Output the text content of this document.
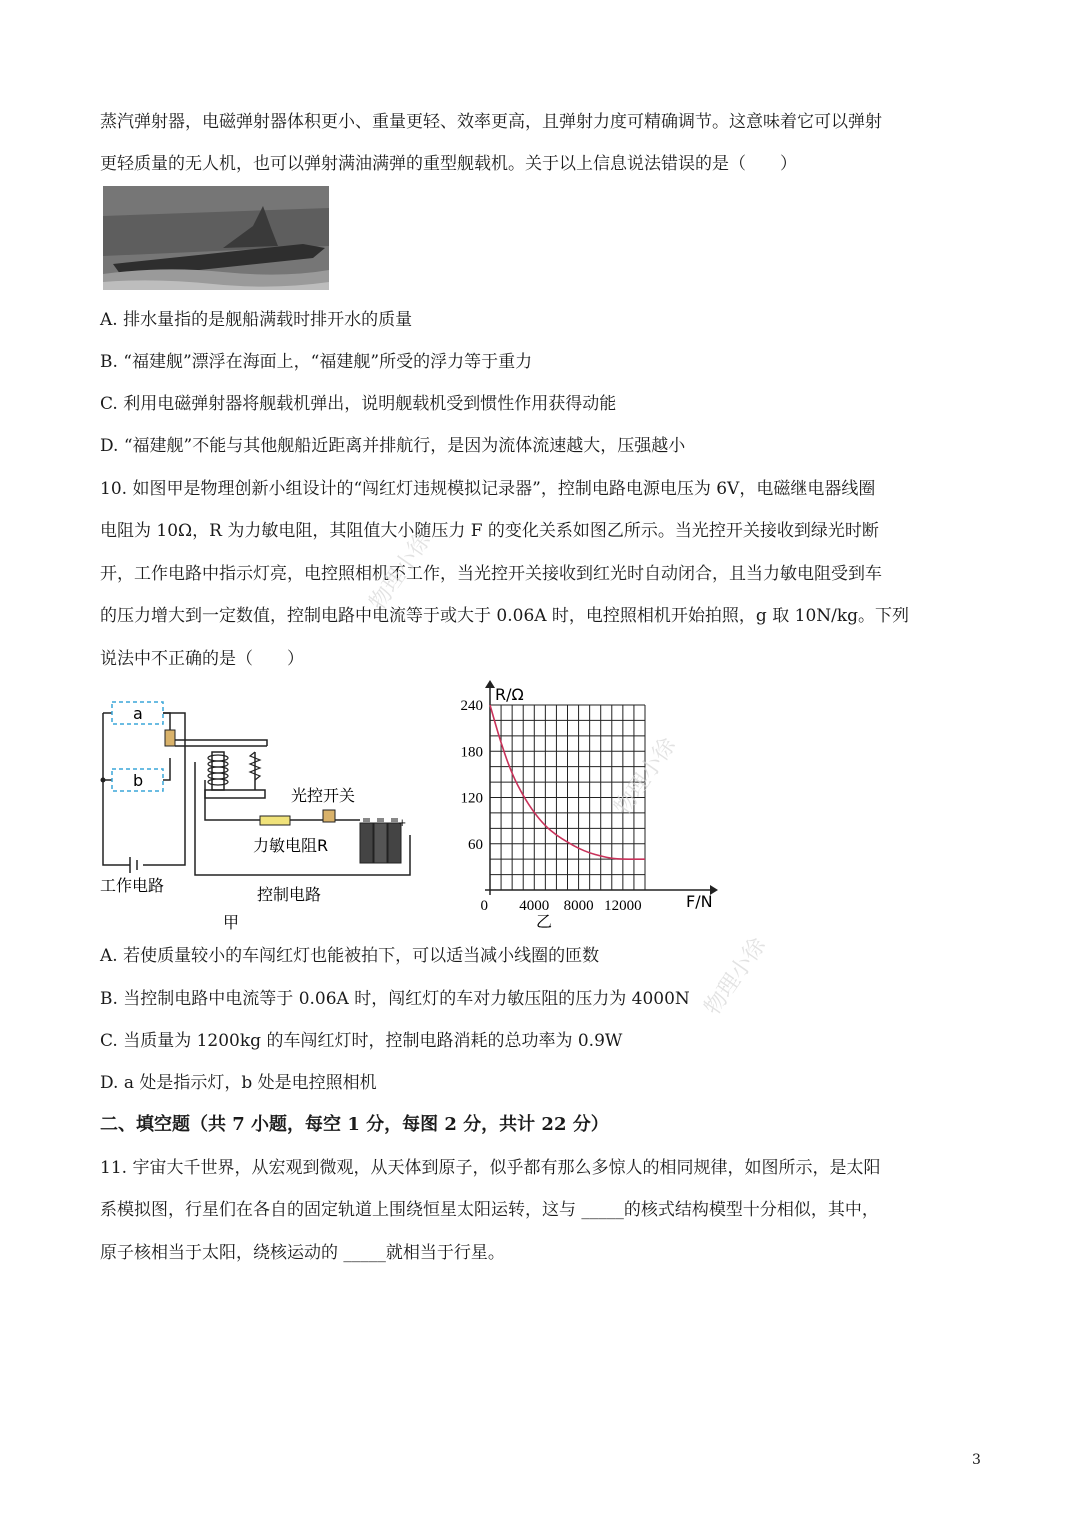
蒸汽弹射器，电磁弹射器体积更小、重量更轻、效率更高，且弹射力度可精确调节。这意味着它可以弹射
更轻质量的无人机，也可以弹射满油满弹的重型舰载机。关于以上信息说法错误的是（　　）
A. 排水量指的是舰船满载时排开水的质量
B. “福建舰”漂浮在海面上，“福建舰”所受的浮力等于重力
C. 利用电磁弹射器将舰载机弹出，说明舰载机受到惯性作用获得动能
D. “福建舰”不能与其他舰船近距离并排航行，是因为流体流速越大，压强越小
10. 如图甲是物理创新小组设计的“闯红灯违规模拟记录器”，控制电路电源电压为 6V，电磁继电器线圈
电阻为 10Ω，R 为力敏电阻，其阻值大小随压力 F 的变化关系如图乙所示。当光控开关接收到绿光时断
开，工作电路中指示灯亮，电控照相机不工作，当光控开关接收到红光时自动闭合，且当力敏电阻受到车
的压力增大到一定数值，控制电路中电流等于或大于 0.06A 时，电控照相机开始拍照，g 取 10N/kg。下列
说法中不正确的是（　　）
a
b
+
光控开关
力敏电阻R
工作电路	控制电路
甲
240
180
120
60
0 4000 8000 12000
R/Ω
F/N
乙
A. 若使质量较小的车闯红灯也能被拍下，可以适当减小线圈的匝数
B. 当控制电路中电流等于 0.06A 时，闯红灯的车对力敏压阻的压力为 4000N
C. 当质量为 1200kg 的车闯红灯时，控制电路消耗的总功率为 0.9W
D. a 处是指示灯，b 处是电控照相机
二、填空题（共 7 小题，每空 1 分，每图 2 分，共计 22 分）
11. 宇宙大千世界，从宏观到微观，从天体到原子，似乎都有那么多惊人的相同规律，如图所示，是太阳
系模拟图，行星们在各自的固定轨道上围绕恒星太阳运转，这与 _____的核式结构模型十分相似，其中，
原子核相当于太阳，绕核运动的 _____就相当于行星。
物理小徐
物理小徐
物理小徐
3
